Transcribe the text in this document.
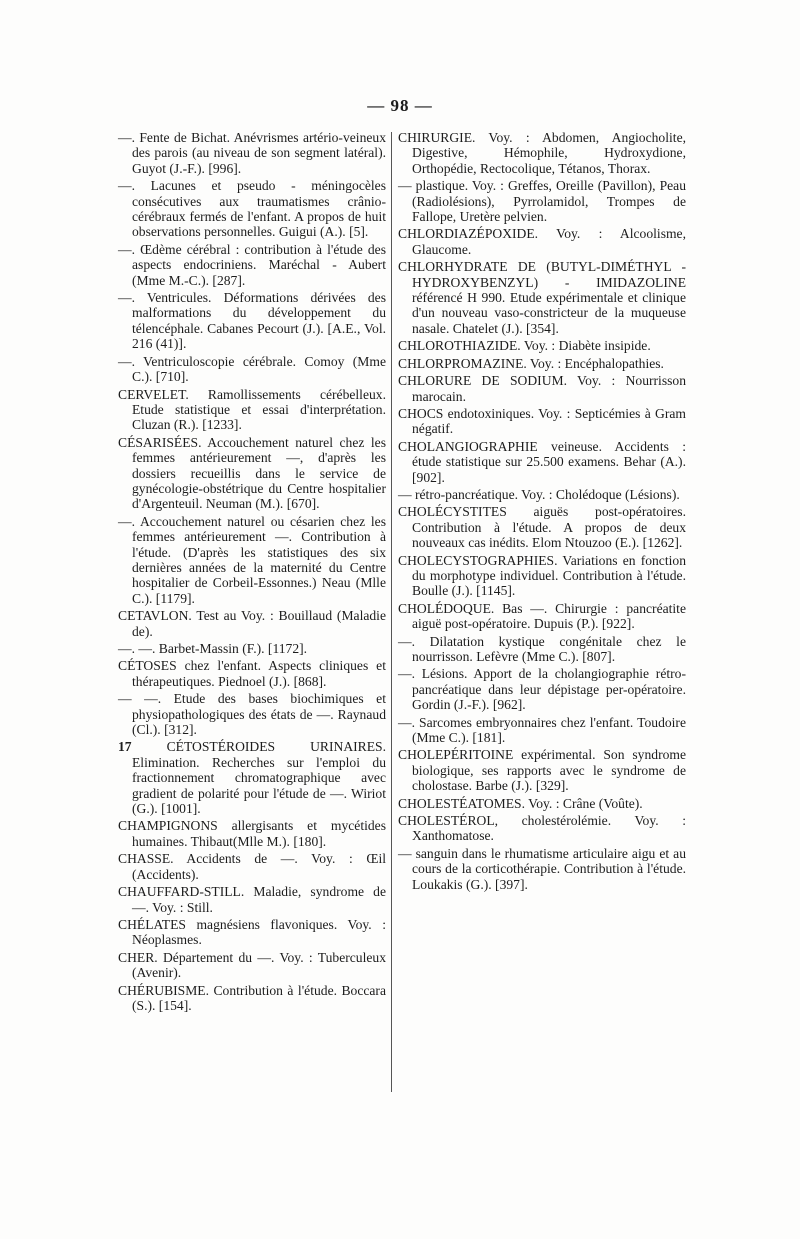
— 98 —

—. Fente de Bichat. Anévrismes artério-veineux des parois (au niveau de son segment latéral). Guyot (J.-F.). [996].

—. Lacunes et pseudo - méningocèles consécutives aux traumatismes crânio-cérébraux fermés de l'enfant. A propos de huit observations personnelles. Guigui (A.). [5].

—. Œdème cérébral : contribution à l'étude des aspects endocriniens. Maréchal - Aubert (Mme M.-C.). [287].

—. Ventricules. Déformations dérivées des malformations du développement du télencéphale. Cabanes Pecourt (J.). [A.E., Vol. 216 (41)].

—. Ventriculoscopie cérébrale. Comoy (Mme C.). [710].

CERVELET. Ramollissements cérébelleux. Etude statistique et essai d'interprétation. Cluzan (R.). [1233].

CÉSARISÉES. Accouchement naturel chez les femmes antérieurement —, d'après les dossiers recueillis dans le service de gynécologie-obstétrique du Centre hospitalier d'Argenteuil. Neuman (M.). [670].

—. Accouchement naturel ou césarien chez les femmes antérieurement —. Contribution à l'étude. (D'après les statistiques des six dernières années de la maternité du Centre hospitalier de Corbeil-Essonnes.) Neau (Mlle C.). [1179].

CETAVLON. Test au Voy. : Bouillaud (Maladie de).

—. —. Barbet-Massin (F.). [1172].

CÉTOSES chez l'enfant. Aspects cliniques et thérapeutiques. Piednoel (J.). [868].

— —. Etude des bases biochimiques et physiopathologiques des états de —. Raynaud (Cl.). [312].

17	CÉTOSTÉROIDES URINAIRES. Elimination. Recherches sur l'emploi du fractionnement chromatographique avec gradient de polarité pour l'étude de —. Wiriot (G.). [1001].

CHAMPIGNONS allergisants et mycétides humaines. Thibaut(Mlle M.). [180].

CHASSE. Accidents de —. Voy. : Œil (Accidents).

CHAUFFARD-STILL. Maladie, syndrome de —. Voy. : Still.

CHÉLATES magnésiens flavoniques. Voy. : Néoplasmes.

CHER. Département du —. Voy. : Tuberculeux (Avenir).

CHÉRUBISME. Contribution à l'étude. Boccara (S.). [154].

CHIRURGIE. Voy. : Abdomen, Angiocholite, Digestive, Hémophile, Hydroxydione, Orthopédie, Rectocolique, Tétanos, Thorax.

— plastique. Voy. : Greffes, Oreille (Pavillon), Peau (Radiolésions), Pyrrolamidol, Trompes de Fallope, Uretère pelvien.

CHLORDIAZÉPOXIDE. Voy. : Alcoolisme, Glaucome.

CHLORHYDRATE DE (BUTYL-DIMÉTHYL - HYDROXYBENZYL) - IMIDAZOLINE référencé H 990. Etude expérimentale et clinique d'un nouveau vaso-constricteur de la muqueuse nasale. Chatelet (J.). [354].

CHLOROTHIAZIDE. Voy. : Diabète insipide.

CHLORPROMAZINE. Voy. : Encéphalopathies.

CHLORURE DE SODIUM. Voy. : Nourrisson marocain.

CHOCS endotoxiniques. Voy. : Septicémies à Gram négatif.

CHOLANGIOGRAPHIE veineuse. Accidents : étude statistique sur 25.500 examens. Behar (A.). [902].

— rétro-pancréatique. Voy. : Cholédoque (Lésions).

CHOLÉCYSTITES aiguës post-opératoires. Contribution à l'étude. A propos de deux nouveaux cas inédits. Elom Ntouzoo (E.). [1262].

CHOLECYSTOGRAPHIES. Variations en fonction du morphotype individuel. Contribution à l'étude. Boulle (J.). [1145].

CHOLÉDOQUE. Bas —. Chirurgie : pancréatite aiguë post-opératoire. Dupuis (P.). [922].

—. Dilatation kystique congénitale chez le nourrisson. Lefèvre (Mme C.). [807].

—. Lésions. Apport de la cholangiographie rétro-pancréatique dans leur dépistage per-opératoire. Gordin (J.-F.). [962].

—. Sarcomes embryonnaires chez l'enfant. Toudoire (Mme C.). [181].

CHOLEPÉRITOINE expérimental. Son syndrome biologique, ses rapports avec le syndrome de cholostase. Barbe (J.). [329].

CHOLESTÉATOMES. Voy. : Crâne (Voûte).

CHOLESTÉROL, cholestérolémie. Voy. : Xanthomatose.

— sanguin dans le rhumatisme articulaire aigu et au cours de la corticothérapie. Contribution à l'étude. Loukakis (G.). [397].
